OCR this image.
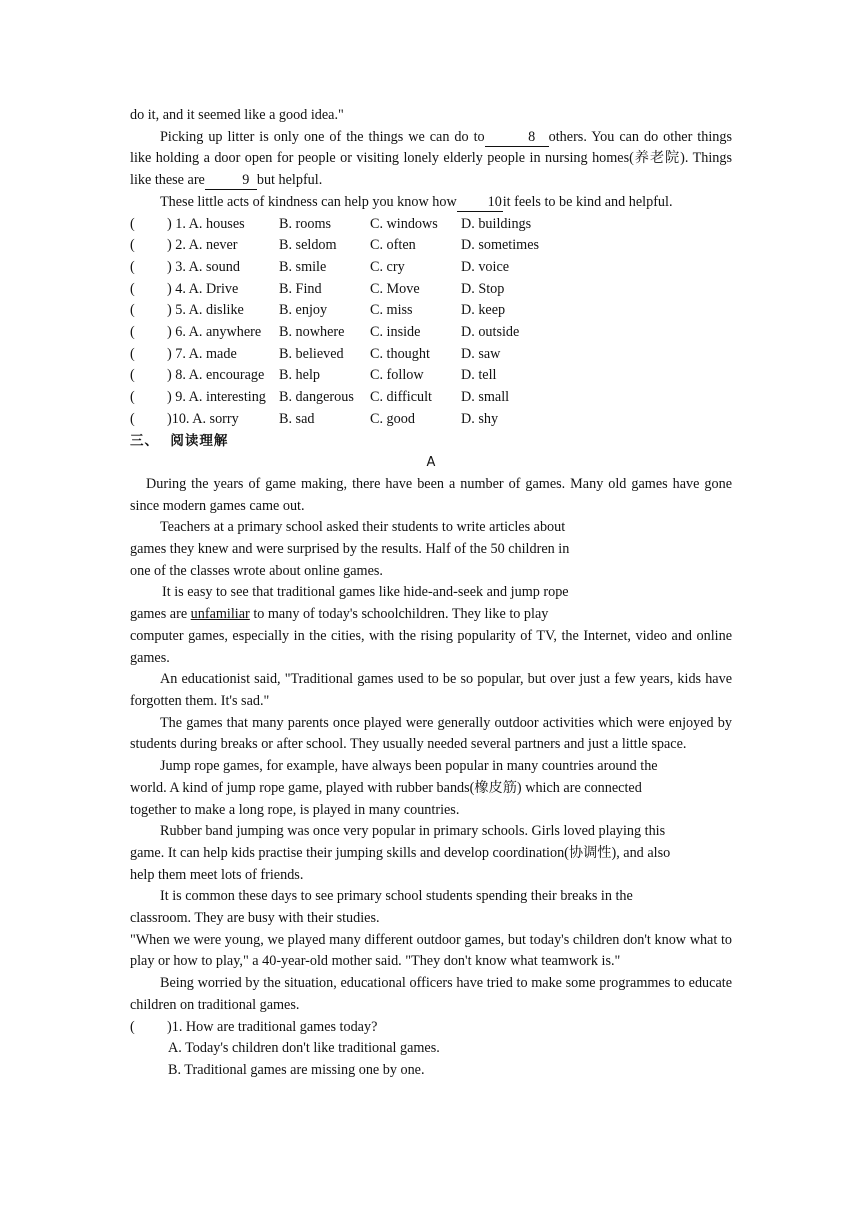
do it, and it seemed like a good idea."

Picking up litter is only one of the things we can do to	8 others. You can do other things like holding a door open for people or visiting lonely elderly people in nursing homes(养老院). Things like these are	9 but helpful.

These little acts of kindness can help you know how 10it feels to be kind and helpful.

(	) 1. A. houses	B. rooms	C. windows	D. buildings
(	) 2. A. never	B. seldom	C. often	D. sometimes
(	) 3. A. sound	B. smile	C. cry	D. voice
(	) 4. A. Drive	B. Find	C. Move	D. Stop
(	) 5. A. dislike	B. enjoy	C. miss	D. keep
(	) 6. A. anywhere	B. nowhere	C. inside	D. outside
(	) 7. A. made	B. believed	C. thought	D. saw
(	) 8. A. encourage	B. help	C. follow	D. tell
(	) 9. A. interesting B. dangerous	C. difficult	D. small
(	)10. A. sorry	B. sad	C. good	D. shy

三、 阅读理解

A

During the years of game making, there have been a number of games. Many old games have gone since modern games came out.

Teachers at a primary school asked their students to write articles about

games they knew and were surprised by the results. Half of the 50 children in

one of the classes wrote about online games.

It is easy to see that traditional games like hide-and-seek and jump rope

games are unfamiliar to many of today's schoolchildren. They like to play

computer games, especially in the cities, with the rising popularity of TV, the Internet, video and online games.

An educationist said, "Traditional games used to be so popular, but over just a few years, kids have forgotten them. It's sad."

The games that many parents once played were generally outdoor activities which were enjoyed by students during breaks or after school. They usually needed several partners and just a little space.

Jump rope games, for example, have always been popular in many countries around the

world. A kind of jump rope game, played with rubber bands(橡皮筋) which are connected

together to make a long rope, is played in many countries.

Rubber band jumping was once very popular in primary schools. Girls loved playing this

game. It can help kids practise their jumping skills and develop coordination(协调性), and also

help them meet lots of friends.

It is common these days to see primary school students spending their breaks in the

classroom. They are busy with their studies.

"When we were young, we played many different outdoor games, but today's children don't know what to play or how to play," a 40-year-old mother said. "They don't know what teamwork is."

Being worried by the situation, educational officers have tried to make some programmes to educate children on traditional games.

(	)1. How are traditional games today?

A. Today's children don't like traditional games.

B. Traditional games are missing one by one.
